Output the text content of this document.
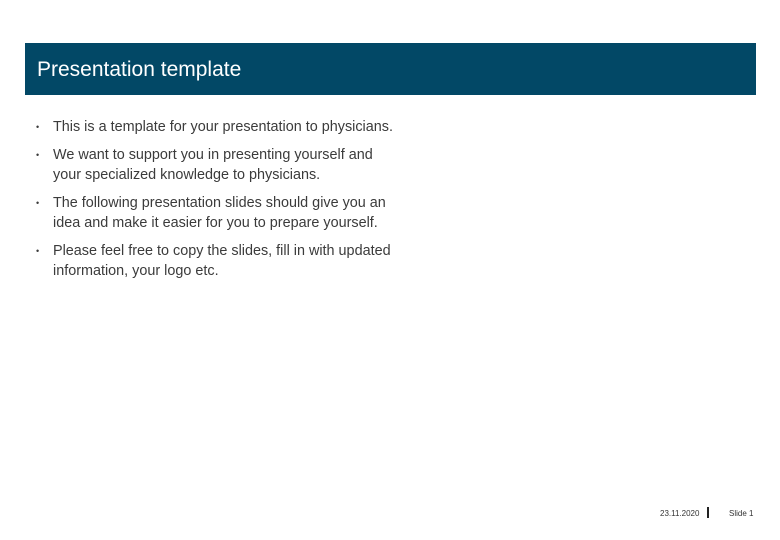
Presentation template
• This is a template for your presentation to physicians.
• We want to support you in presenting yourself and your specialized knowledge to physicians.
• The following presentation slides should give you an idea and make it easier for you to prepare yourself.
• Please feel free to copy the slides, fill in with updated information, your logo etc.
23.11.2020	Slide 1
